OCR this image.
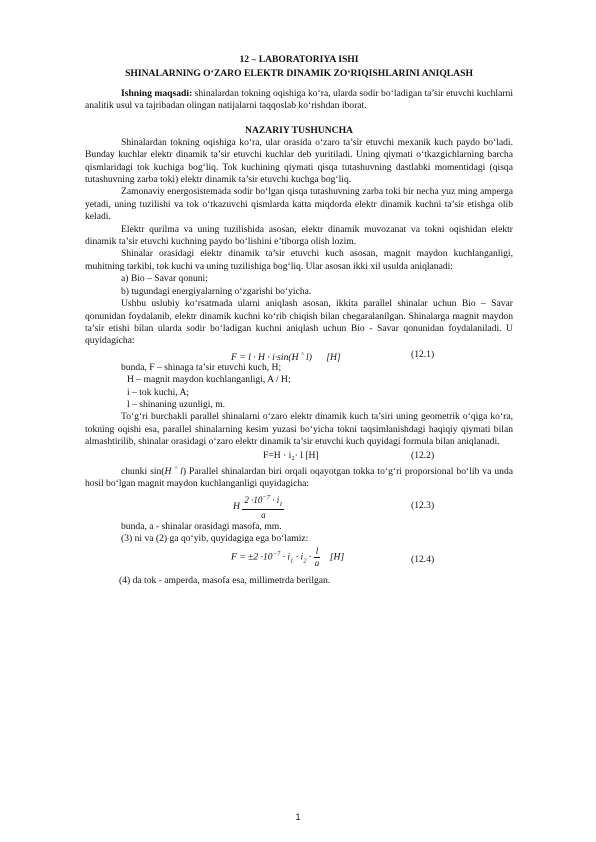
12 – LABORATORIYA ISHI
SHINALARNING O‘ZARO ELEKTR DINAMIK ZO‘RIQISHLARINI ANIQLASH

Ishning maqsadi: shinalardan tokning oqishiga ko‘ra, ularda sodir bo‘ladigan ta’sir etuvchi kuchlarni analitik usul va tajribadan olingan natijalarni taqqoslab ko‘rishdan iborat.

NAZARIY TUSHUNCHA

Shinalardan tokning oqishiga ko‘ra, ular orasida o‘zaro ta’sir etuvchi mexanik kuch paydo bo‘ladi. Bunday kuchlar elektr dinamik ta’sir etuvchi kuchlar deb yuritiladi. Uning qiymati o‘tkazgichlarning barcha qismlaridagi tok kuchiga bog‘liq. Tok kuchining qiymati qisqa tutashuvning dastlabki momentidagi (qisqa tutashuvning zarba toki) elektr dinamik ta’sir etuvchi kuchga bog‘liq.

Zamonaviy energosistemada sodir bo‘lgan qisqa tutashuvning zarba toki bir necha yuz ming amperga yetadi, uning tuzilishi va tok o‘tkazuvchi qismlarda katta miqdorda elektr dinamik kuchni ta’sir etishga olib keladi.

Elektr qurilma va uning tuzilishida asosan, elektr dinamik muvozanat va tokni oqishidan elektr dinamik ta’sir etuvchi kuchning paydo bo‘lishini e’tiborga olish lozim.

Shinalar orasidagi elektr dinamik ta’sir etuvchi kuch asosan, magnit maydon kuchlanganligi, muhitning tarkibi, tok kuchi va uning tuzilishiga bog‘liq. Ular asosan ikki xil usulda aniqlanadi:

a) Bio – Savar qonuni;

b) tugundagi energiyalarning o‘zgarishi bo‘yicha.

Ushbu uslubiy ko‘rsatmada ularni aniqlash asosan, ikkita parallel shinalar uchun Bio – Savar qonunidan foydalanib, elektr dinamik kuchni ko‘rib chiqish bilan chegaralanilgan. Shinalarga magnit maydon ta’sir etishi bilan ularda sodir bo‘ladigan kuchni aniqlash uchun Bio - Savar qonunidan foydalaniladi. U quyidagicha:

F = l · H · i·sin(H ^ l)      [H]	(12.1)

bunda, F – shinaga ta’sir etuvchi kuch, H;

H – magnit maydon kuchlanganligi, A / H;

i – tok kuchi, A;

l – shinaning uzunligi, m.

To‘g‘ri burchakli parallel shinalarni o‘zaro elektr dinamik kuch ta’siri uning geometrik o‘qiga ko‘ra, tokning oqishi esa, parallel shinalarning kesim yuzasi bo‘yicha tokni taqsimlanishdagi haqiqiy qiymati bilan almashtirilib, shinalar orasidagi o‘zaro elektr dinamik ta’sir etuvchi kuch quyidagi formula bilan aniqlanadi.

F=H · i₂· l [H]	(12.2)

chunki sin(H ^ l) Parallel shinalardan biri orqali oqayotgan tokka to‘g‘ri proporsional bo‘lib va unda hosil bo‘lgan magnit maydon kuchlanganligi quyidagicha:

H $\frac{2 \cdot 10^{-7} \cdot i_1}{a}$	(12.3)

bunda, a - shinalar orasidagi masofa, mm.

(3) ni va (2) ga qo‘yib, quyidagiga ega bo‘lamiz:

$F = \pm 2 \cdot 10^{-7} \cdot i_1 \cdot i_2 \cdot \frac{l}{a} [H]$	(12.4)

(4) da tok - amperda, masofa esa, millimetrda berilgan.

1
